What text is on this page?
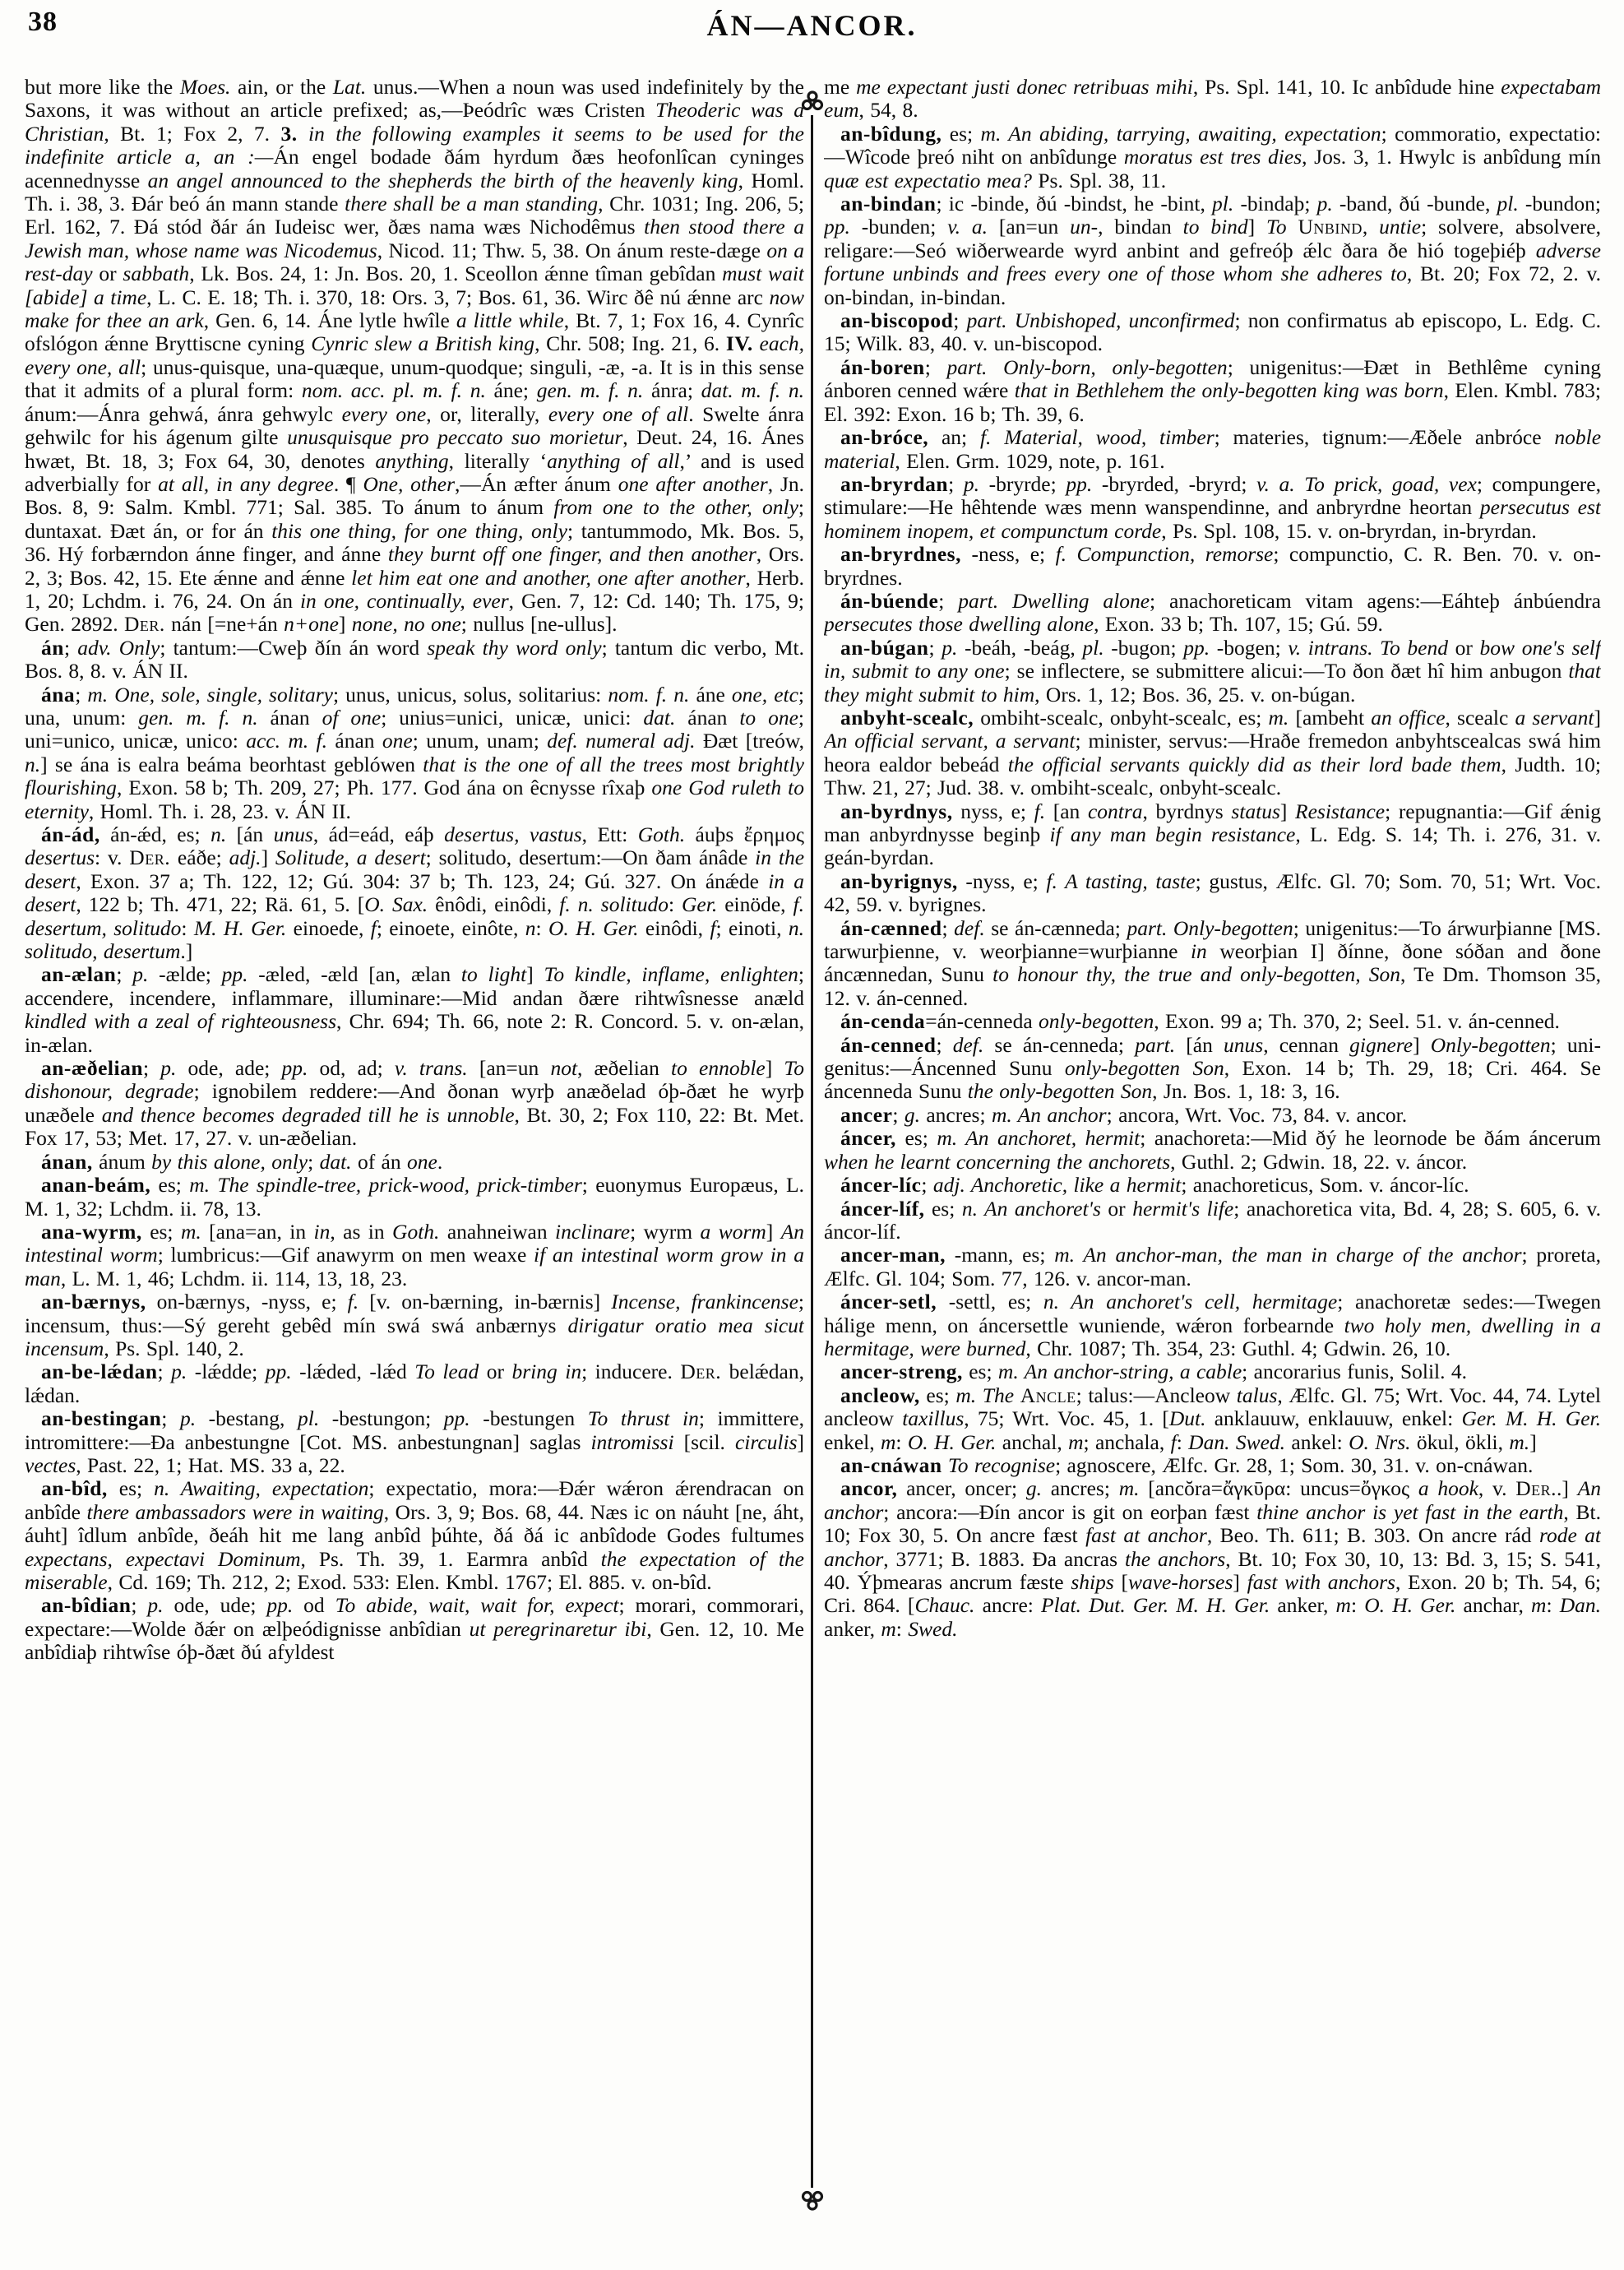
38	ÁN—ANCOR.

but more like the Moes. ain, or the Lat. unus.—When a noun was used indefinitely by the Saxons, it was without an article prefixed; as,—Þeódrîc wæs Cristen Theoderic was a Christian, Bt. 1; Fox 2, 7. 3. in the following examples it seems to be used for the indefinite article a, an :—Án engel bodade ðám hyrdum ðæs heofonlîcan cyninges acennednysse an angel announced to the shepherds the birth of the heavenly king, Homl. Th. i. 38, 3. Ðár beó án mann stande there shall be a man standing, Chr. 1031; Ing. 206, 5; Erl. 162, 7. Ðá stód ðár án Iudeisc wer, ðæs nama wæs Nichodêmus then stood there a Jewish man, whose name was Nicodemus, Nicod. 11; Thw. 5, 38. On ánum reste-dæge on a rest-day or sabbath, Lk. Bos. 24, 1: Jn. Bos. 20, 1. Sceollon ǽnne tîman gebîdan must wait [abide] a time, L. C. E. 18; Th. i. 370, 18: Ors. 3, 7; Bos. 61, 36. Wirc ðê nú ǽnne arc now make for thee an ark, Gen. 6, 14. Áne lytle hwîle a little while, Bt. 7, 1; Fox 16, 4. Cynrîc ofslógon ǽnne Bryttiscne cyning Cynric slew a British king, Chr. 508; Ing. 21, 6. IV. each, every one, all; unus-quisque, una-quæque, unum-quodque; singuli, -æ, -a. It is in this sense that it admits of a plural form: nom. acc. pl. m. f. n. áne; gen. m. f. n. ánra; dat. m. f. n. ánum:—Ánra gehwá, ánra gehwylc every one, or, literally, every one of all. Swelte ánra gehwilc for his ágenum gilte unusquisque pro peccato suo morietur, Deut. 24, 16. Ánes hwæt, Bt. 18, 3; Fox 64, 30, denotes anything, literally ‘anything of all,’ and is used adverbially for at all, in any degree. ¶ One, other,—Án æfter ánum one after another, Jn. Bos. 8, 9: Salm. Kmbl. 771; Sal. 385. To ánum to ánum from one to the other, only; duntaxat. Ðæt án, or for án this one thing, for one thing, only; tantummodo, Mk. Bos. 5, 36. Hý forbærndon ánne finger, and ánne they burnt off one finger, and then another, Ors. 2, 3; Bos. 42, 15. Ete ǽnne and ǽnne let him eat one and another, one after another, Herb. 1, 20; Lchdm. i. 76, 24. On án in one, continually, ever, Gen. 7, 12: Cd. 140; Th. 175, 9; Gen. 2892. Der. nán [=ne+án n+one] none, no one; nullus [ne-ullus].

án; adv. Only; tantum:—Cweþ ðín án word speak thy word only; tantum dic verbo, Mt. Bos. 8, 8. v. ÁN II.

ána; m. One, sole, single, solitary; unus, unicus, solus, solitarius: nom. f. n. áne one, etc; una, unum: gen. m. f. n. ánan of one; unius=unici, unicæ, unici: dat. ánan to one; uni=unico, unicæ, unico: acc. m. f. ánan one; unum, unam; def. numeral adj. Ðæt [treów, n.] se ána is ealra beáma beorhtast geblówen that is the one of all the trees most brightly flourishing, Exon. 58 b; Th. 209, 27; Ph. 177. God ána on êcnysse rîxaþ one God ruleth to eternity, Homl. Th. i. 28, 23. v. ÁN II.

án-ád, án-ǽd, es; n. [án unus, ád=eád, eáþ desertus, vastus, Ett: Goth. áuþs ἔρημος desertus: v. Der. eáðe; adj.] Solitude, a desert; solitudo, desertum:—On ðam ánâde in the desert, Exon. 37 a; Th. 122, 12; Gú. 304: 37 b; Th. 123, 24; Gú. 327. On ánǽde in a desert, 122 b; Th. 471, 22; Rä. 61, 5. [O. Sax. ênôdi, einôdi, f. n. solitudo: Ger. einöde, f. desertum, solitudo: M. H. Ger. einoede, f; einoete, einôte, n: O. H. Ger. einôdi, f; einoti, n. solitudo, desertum.]

an-ælan; p. -ælde; pp. -æled, -æld [an, ælan to light] To kindle, inflame, enlighten; accendere, incendere, inflammare, illuminare:—Mid andan ðære rihtwîsnesse anæld kindled with a zeal of righteousness, Chr. 694; Th. 66, note 2: R. Concord. 5. v. on-ælan, in-ælan.

an-æðelian; p. ode, ade; pp. od, ad; v. trans. [an=un not, æðelian to ennoble] To dishonour, degrade; ignobilem reddere:—And ðonan wyrþ anæðelad óþ-ðæt he wyrþ unæðele and thence becomes degraded till he is unnoble, Bt. 30, 2; Fox 110, 22: Bt. Met. Fox 17, 53; Met. 17, 27. v. un-æðelian.

ánan, ánum by this alone, only; dat. of án one.

anan-beám, es; m. The spindle-tree, prick-wood, prick-timber; euonymus Europæus, L. M. 1, 32; Lchdm. ii. 78, 13.

ana-wyrm, es; m. [ana=an, in in, as in Goth. anahneiwan inclinare; wyrm a worm] An intestinal worm; lumbricus:—Gif anawyrm on men weaxe if an intestinal worm grow in a man, L. M. 1, 46; Lchdm. ii. 114, 13, 18, 23.

an-bærnys, on-bærnys, -nyss, e; f. [v. on-bærning, in-bærnis] Incense, frankincense; incensum, thus:—Sý gereht gebêd mín swá swá anbærnys dirigatur oratio mea sicut incensum, Ps. Spl. 140, 2.

an-be-lǽdan; p. -lǽdde; pp. -lǽded, -lǽd To lead or bring in; inducere. Der. belǽdan, lǽdan.

an-bestingan; p. -bestang, pl. -bestungon; pp. -bestungen To thrust in; immittere, intromittere:—Ða anbestungne [Cot. MS. anbestungnan] saglas intromissi [scil. circulis] vectes, Past. 22, 1; Hat. MS. 33 a, 22.

an-bîd, es; n. Awaiting, expectation; expectatio, mora:—Ðǽr wǽron ǽrendracan on anbîde there ambassadors were in waiting, Ors. 3, 9; Bos. 68, 44. Næs ic on náuht [ne, áht, áuht] îdlum anbîde, ðeáh hit me lang anbîd þúhte, ðá ðá ic anbîdode Godes fultumes expectans, expectavi Dominum, Ps. Th. 39, 1. Earmra anbîd the expectation of the miserable, Cd. 169; Th. 212, 2; Exod. 533: Elen. Kmbl. 1767; El. 885. v. on-bîd.

an-bîdian; p. ode, ude; pp. od To abide, wait, wait for, expect; morari, commorari, expectare:—Wolde ðǽr on ælþeódignisse anbîdian ut peregrinaretur ibi, Gen. 12, 10. Me anbîdiaþ rihtwîse óþ-ðæt ðú afyldest

me me expectant justi donec retribuas mihi, Ps. Spl. 141, 10. Ic anbîdude hine expectabam eum, 54, 8.

an-bîdung, es; m. An abiding, tarrying, awaiting, expectation; commoratio, expectatio:—Wîcode þreó niht on anbîdunge moratus est tres dies, Jos. 3, 1. Hwylc is anbîdung mín quæ est expectatio mea? Ps. Spl. 38, 11.

an-bindan; ic -binde, ðú -bindst, he -bint, pl. -bindaþ; p. -band, ðú -bunde, pl. -bundon; pp. -bunden; v. a. [an=un un-, bindan to bind] To Unbind, untie; solvere, absolvere, religare:—Seó wiðerwearde wyrd anbint and gefreóþ ǽlc ðara ðe hió togeþiéþ adverse fortune unbinds and frees every one of those whom she adheres to, Bt. 20; Fox 72, 2. v. on-bindan, in-bindan.

an-biscopod; part. Unbishoped, unconfirmed; non confirmatus ab episcopo, L. Edg. C. 15; Wilk. 83, 40. v. un-biscopod.

án-boren; part. Only-born, only-begotten; unigenitus:—Ðæt in Bethlême cyning ánboren cenned wǽre that in Bethlehem the only-begotten king was born, Elen. Kmbl. 783; El. 392: Exon. 16 b; Th. 39, 6.

an-bróce, an; f. Material, wood, timber; materies, tignum:—Æðele anbróce noble material, Elen. Grm. 1029, note, p. 161.

an-bryrdan; p. -bryrde; pp. -bryrded, -bryrd; v. a. To prick, goad, vex; compungere, stimulare:—He hêhtende wæs menn wanspendinne, and anbryrdne heortan persecutus est hominem inopem, et compunctum corde, Ps. Spl. 108, 15. v. on-bryrdan, in-bryrdan.

an-bryrdnes, -ness, e; f. Compunction, remorse; compunctio, C. R. Ben. 70. v. on-bryrdnes.

án-búende; part. Dwelling alone; anachoreticam vitam agens:—Eáhteþ ánbúendra persecutes those dwelling alone, Exon. 33 b; Th. 107, 15; Gú. 59.

an-búgan; p. -beáh, -beág, pl. -bugon; pp. -bogen; v. intrans. To bend or bow one's self in, submit to any one; se inflectere, se submittere alicui:—To ðon ðæt hî him anbugon that they might submit to him, Ors. 1, 12; Bos. 36, 25. v. on-búgan.

anbyht-scealc, ombiht-scealc, onbyht-scealc, es; m. [ambeht an office, scealc a servant] An official servant, a servant; minister, servus:—Hraðe fremedon anbyhtscealcas swá him heora ealdor bebeád the official servants quickly did as their lord bade them, Judth. 10; Thw. 21, 27; Jud. 38. v. ombiht-scealc, onbyht-scealc.

an-byrdnys, nyss, e; f. [an contra, byrdnys status] Resistance; repugnantia:—Gif ǽnig man anbyrdnysse beginþ if any man begin resistance, L. Edg. S. 14; Th. i. 276, 31. v. geán-byrdan.

an-byrignys, -nyss, e; f. A tasting, taste; gustus, Ælfc. Gl. 70; Som. 70, 51; Wrt. Voc. 42, 59. v. byrignes.

án-cænned; def. se án-cænneda; part. Only-begotten; unigenitus:—To árwurþianne [MS. tarwurþienne, v. weorþianne=wurþianne in weorþian I] ðínne, ðone sóðan and ðone áncænnedan, Sunu to honour thy, the true and only-begotten, Son, Te Dm. Thomson 35, 12. v. án-cenned.

án-cenda=án-cenneda only-begotten, Exon. 99 a; Th. 370, 2; Seel. 51. v. án-cenned.

án-cenned; def. se án-cenneda; part. [án unus, cennan gignere] Only-begotten; uni-genitus:—Áncenned Sunu only-begotten Son, Exon. 14 b; Th. 29, 18; Cri. 464. Se áncenneda Sunu the only-begotten Son, Jn. Bos. 1, 18: 3, 16.

ancer; g. ancres; m. An anchor; ancora, Wrt. Voc. 73, 84. v. ancor.

áncer, es; m. An anchoret, hermit; anachoreta:—Mid ðý he leornode be ðám áncerum when he learnt concerning the anchorets, Guthl. 2; Gdwin. 18, 22. v. áncor.

áncer-líc; adj. Anchoretic, like a hermit; anachoreticus, Som. v. áncor-líc.

áncer-líf, es; n. An anchoret's or hermit's life; anachoretica vita, Bd. 4, 28; S. 605, 6. v. áncor-líf.

ancer-man, -mann, es; m. An anchor-man, the man in charge of the anchor; proreta, Ælfc. Gl. 104; Som. 77, 126. v. ancor-man.

áncer-setl, -settl, es; n. An anchoret's cell, hermitage; anachoretæ sedes:—Twegen hálige menn, on áncersettle wuniende, wǽron forbearnde two holy men, dwelling in a hermitage, were burned, Chr. 1087; Th. 354, 23: Guthl. 4; Gdwin. 26, 10.

ancer-streng, es; m. An anchor-string, a cable; ancorarius funis, Solil. 4.

ancleow, es; m. The Ancle; talus:—Ancleow talus, Ælfc. Gl. 75; Wrt. Voc. 44, 74. Lytel ancleow taxillus, 75; Wrt. Voc. 45, 1. [Dut. anklauuw, enklauuw, enkel: Ger. M. H. Ger. enkel, m: O. H. Ger. anchal, m; anchala, f: Dan. Swed. ankel: O. Nrs. ökul, ökli, m.]

an-cnáwan To recognise; agnoscere, Ælfc. Gr. 28, 1; Som. 30, 31. v. on-cnáwan.

ancor, ancer, oncer; g. ancres; m. [ancŏra=ἄγκῡρα: uncus=ὄγκος a hook, v. Der..] An anchor; ancora:—Ðín ancor is git on eorþan fæst thine anchor is yet fast in the earth, Bt. 10; Fox 30, 5. On ancre fæst fast at anchor, Beo. Th. 611; B. 303. On ancre rád rode at anchor, 3771; B. 1883. Ða ancras the anchors, Bt. 10; Fox 30, 10, 13: Bd. 3, 15; S. 541, 40. Ýþmearas ancrum fæste ships [wave-horses] fast with anchors, Exon. 20 b; Th. 54, 6; Cri. 864. [Chauc. ancre: Plat. Dut. Ger. M. H. Ger. anker, m: O. H. Ger. anchar, m: Dan. anker, m: Swed.
